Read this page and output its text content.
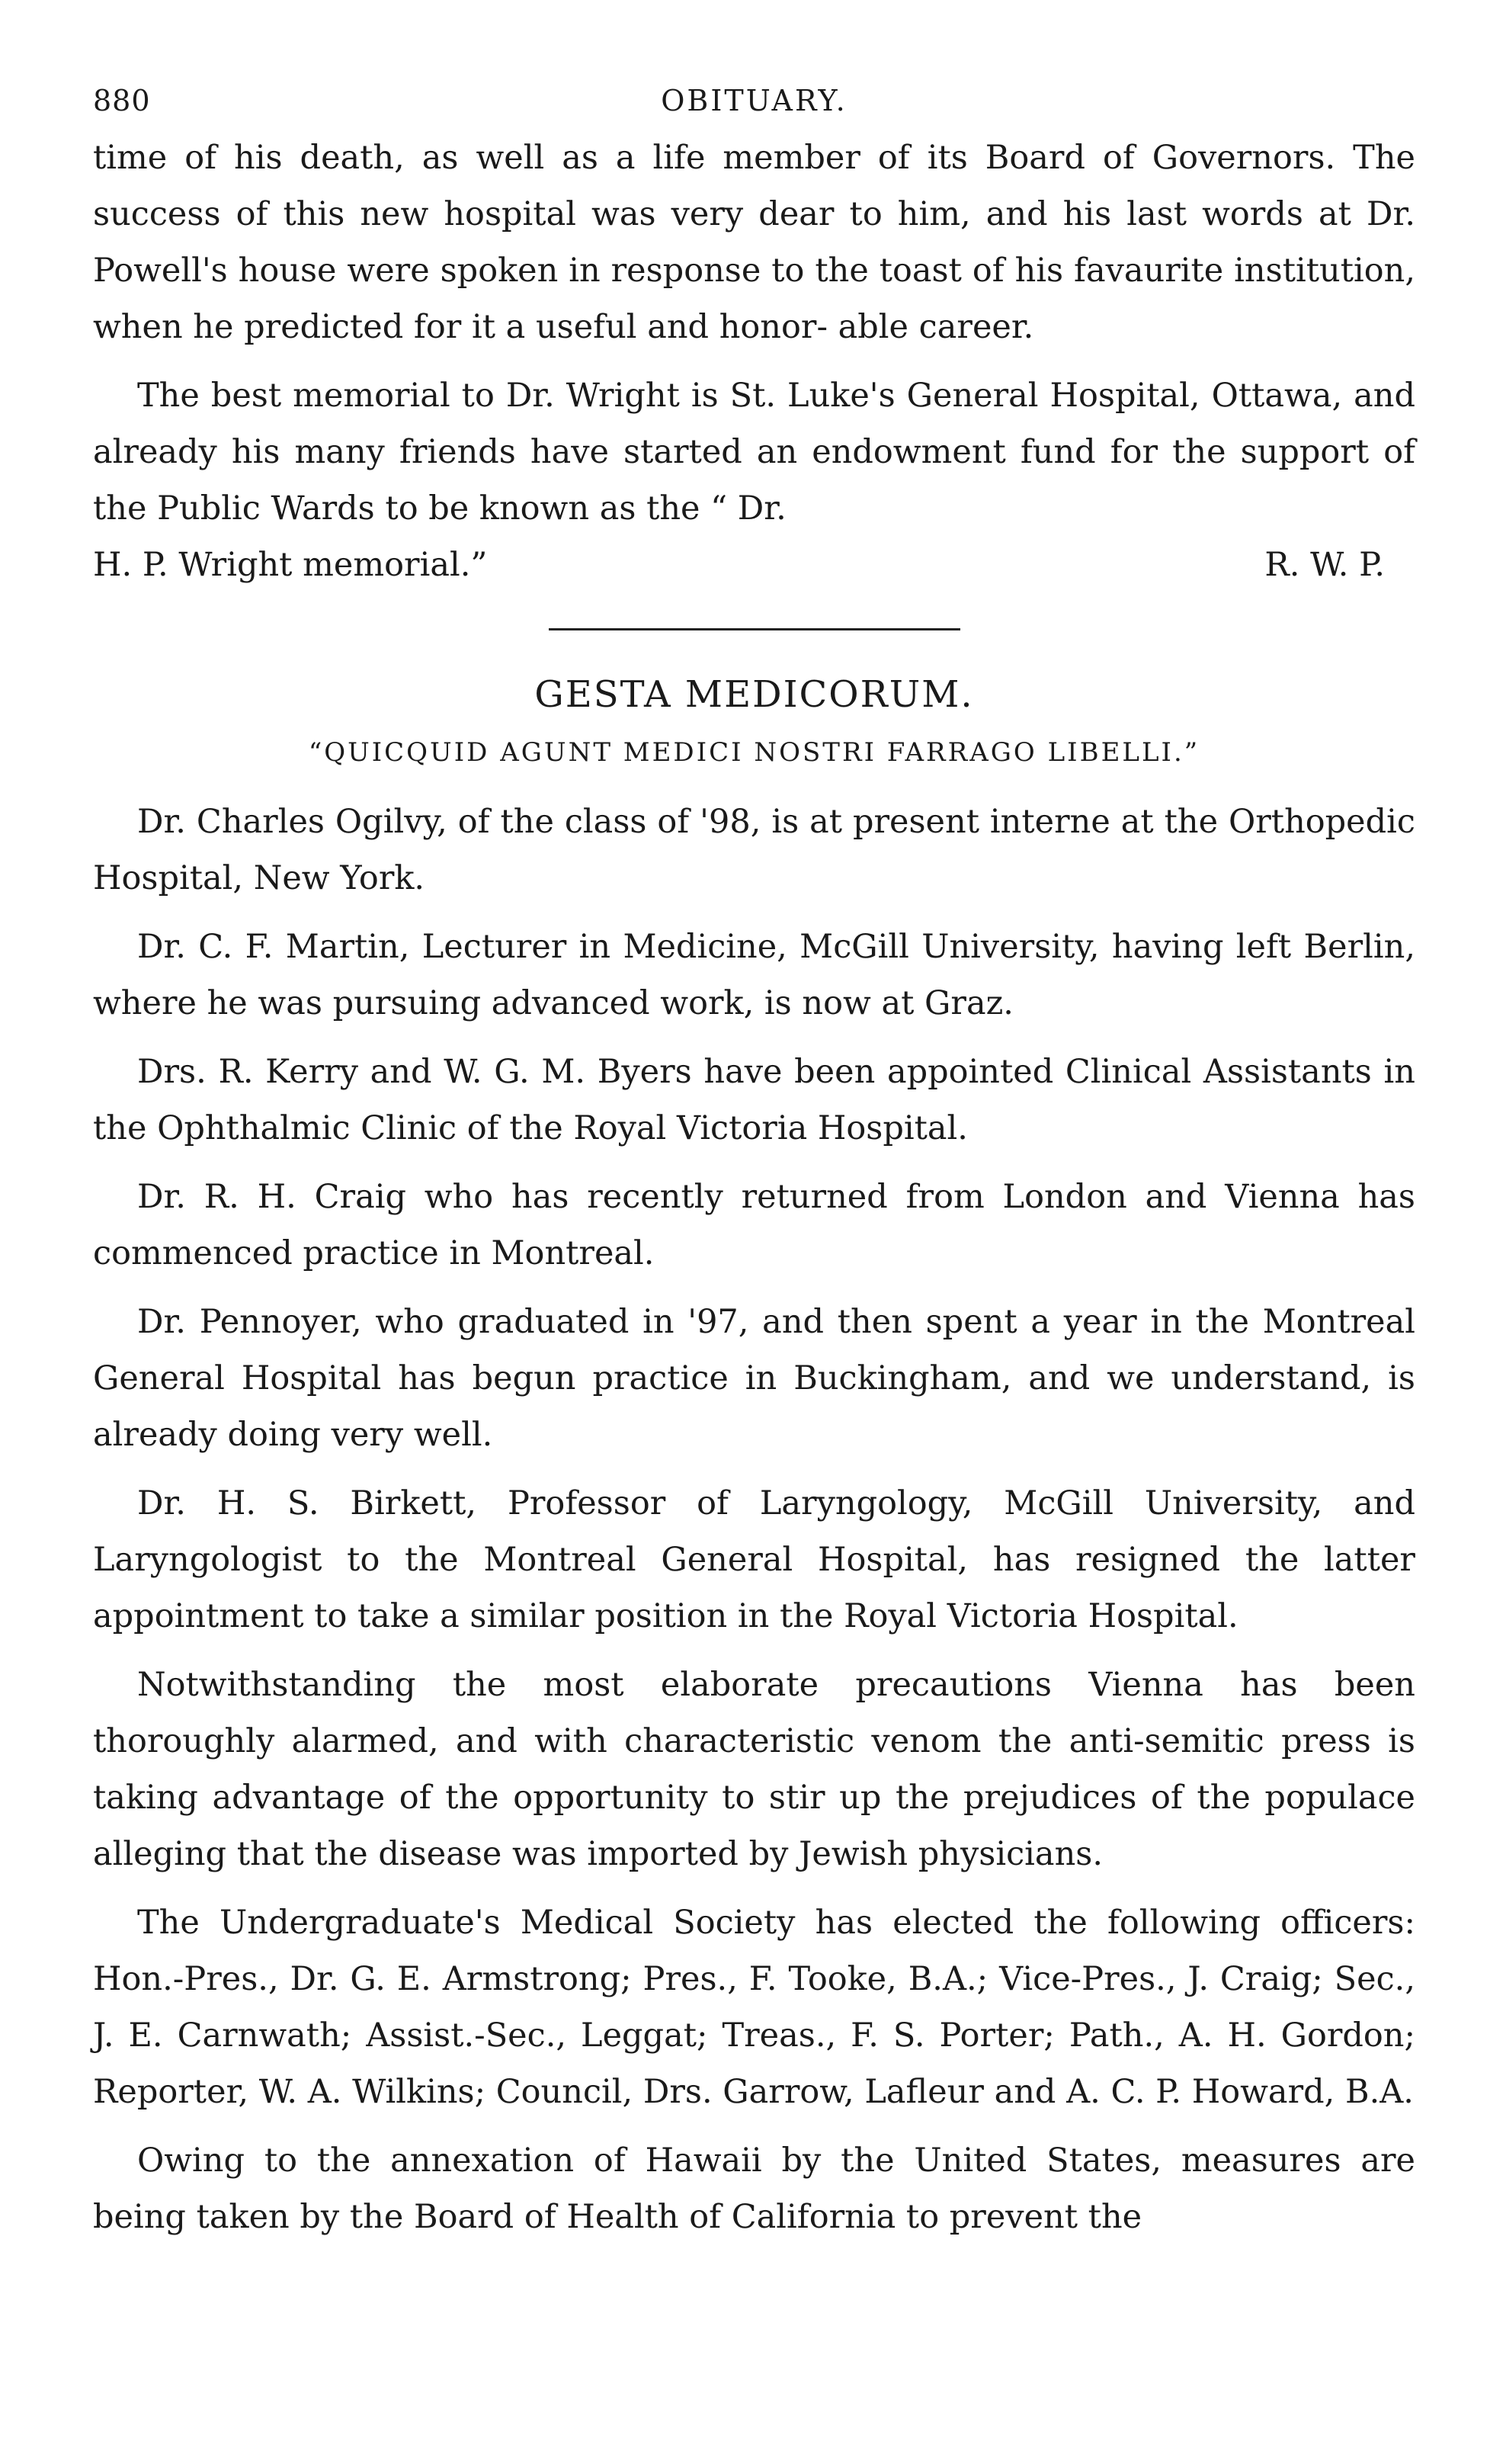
880	OBITUARY.

time of his death, as well as a life member of its Board of Governors. The success of this new hospital was very dear to him, and his last words at Dr. Powell's house were spoken in response to the toast of his favaurite institution, when he predicted for it a useful and honor- able career.

The best memorial to Dr. Wright is St. Luke's General Hospital, Ottawa, and already his many friends have started an endowment fund for the support of the Public Wards to be known as the “ Dr.

H. P. Wright memorial.”	R. W. P.
GESTA MEDICORUM.
“QUICQUID AGUNT MEDICI NOSTRI FARRAGO LIBELLI.”

Dr. Charles Ogilvy, of the class of '98, is at present interne at the Orthopedic Hospital, New York.

Dr. C. F. Martin, Lecturer in Medicine, McGill University, having left Berlin, where he was pursuing advanced work, is now at Graz.

Drs. R. Kerry and W. G. M. Byers have been appointed Clinical Assistants in the Ophthalmic Clinic of the Royal Victoria Hospital.

Dr. R. H. Craig who has recently returned from London and Vienna has commenced practice in Montreal.

Dr. Pennoyer, who graduated in '97, and then spent a year in the Montreal General Hospital has begun practice in Buckingham, and we understand, is already doing very well.

Dr. H. S. Birkett, Professor of Laryngology, McGill University, and Laryngologist to the Montreal General Hospital, has resigned the latter appointment to take a similar position in the Royal Victoria Hospital.

Notwithstanding the most elaborate precautions Vienna has been thoroughly alarmed, and with characteristic venom the anti-semitic press is taking advantage of the opportunity to stir up the prejudices of the populace alleging that the disease was imported by Jewish physicians.

The Undergraduate's Medical Society has elected the following officers: Hon.-Pres., Dr. G. E. Armstrong; Pres., F. Tooke, B.A.; Vice-Pres., J. Craig; Sec., J. E. Carnwath; Assist.-Sec., Leggat; Treas., F. S. Porter; Path., A. H. Gordon; Reporter, W. A. Wilkins; Council, Drs. Garrow, Lafleur and A. C. P. Howard, B.A.

Owing to the annexation of Hawaii by the United States, measures are being taken by the Board of Health of California to prevent the
